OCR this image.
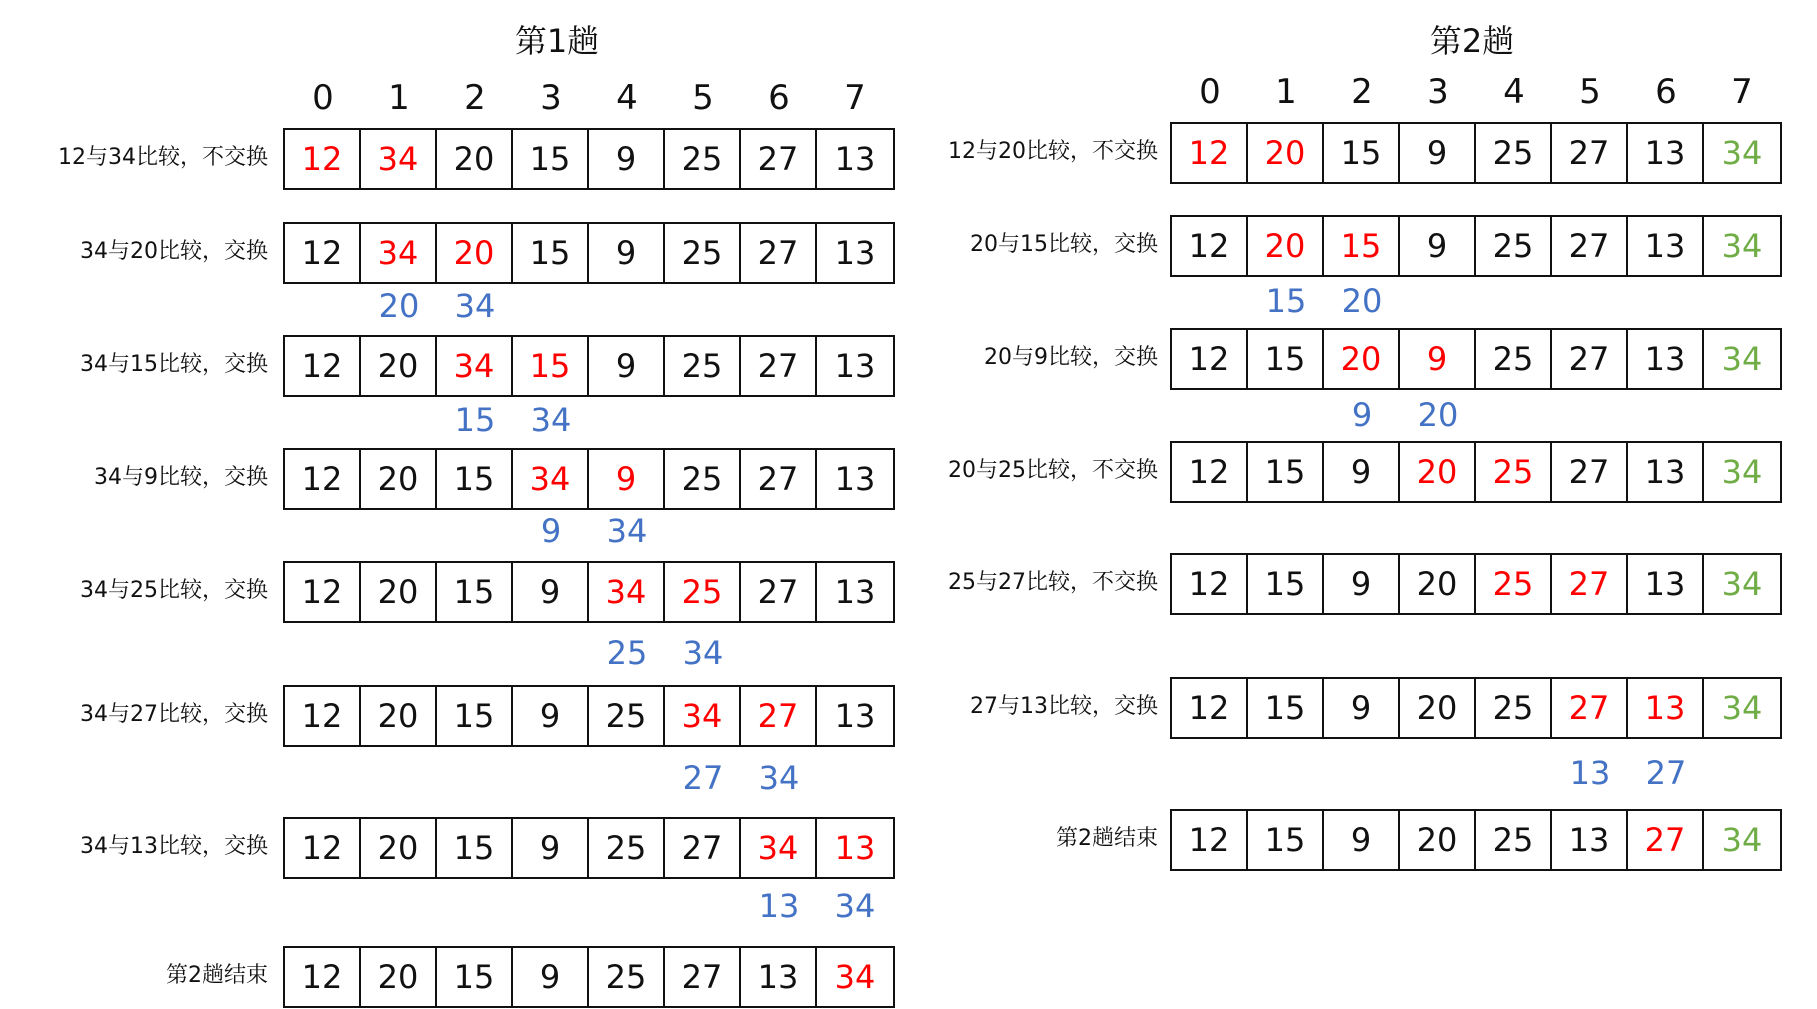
第1趟
0	1	2	3	4	5	6	7
12与34比较，不交换	12	34	20	15	9	25	27	13
34与20比较，交换	12	34	20	15	9	25	27	13
20	34
34与15比较，交换	12	20	34	15	9	25	27	13
15	34
34与9比较，交换	12	20	15	34	9	25	27	13
9	34
34与25比较，交换	12	20	15	9	34	25	27	13
25	34
34与27比较，交换	12	20	15	9	25	34	27	13
27	34
34与13比较，交换	12	20	15	9	25	27	34	13
13	34
第2趟结束	12	20	15	9	25	27	13	34
第2趟
0	1	2	3	4	5	6	7
12与20比较，不交换 12	20	15	9	25	27	13	34
20与15比较，交换 12	20	15	9	25	27	13	34
15	20
20与9比较，交换 12	15	20	9	25	27	13	34
9	20
20与25比较，不交换 12	15	9	20	25	27	13	34
25与27比较，不交换 12	15	9	20	25	27	13	34
27与13比较，交换 12	15	9	20	25	27	13	34
13	27
第2趟结束 12	15	9	20	25	13	27	34
